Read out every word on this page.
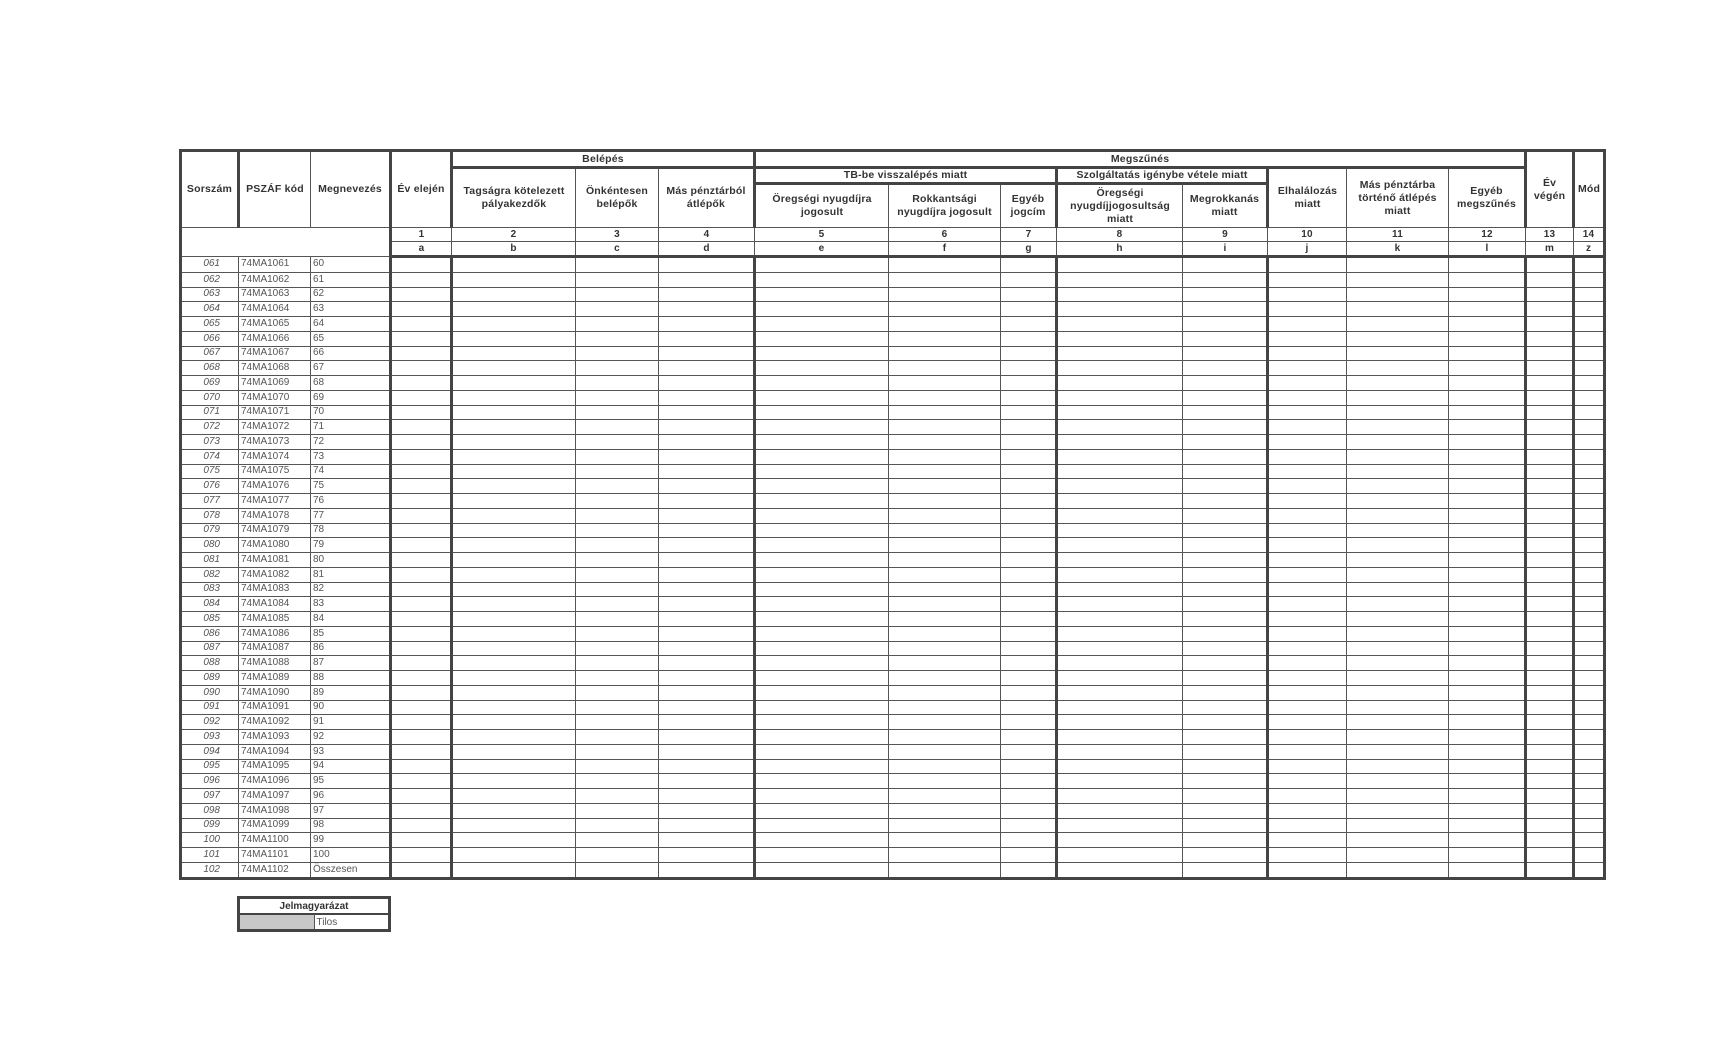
Sorszám	PSZÁF kód	Megnevezés	Év elején	Belépés			Megszűnés								Év végén	Mód
				Tagságra kötelezett pályakezdők	Önkéntesen belépők	Más pénztárból átlépők	TB-be visszalépés miatt			Szolgáltatás igénybe vétele miatt		Elhalálozás miatt	Más pénztárba történő átlépés miatt	Egyéb megszűnés		
							Öregségi nyugdíjra jogosult	Rokkantsági nyugdíjra jogosult	Egyéb jogcím	Öregségi nyugdíjjogosultság miatt	Megrokkanás miatt					
			1	2	3	4	5	6	7	8	9	10	11	12	13	14
			a	b	c	d	e	f	g	h	i	j	k	l	m	z
061	74MA1061	60														
062	74MA1062	61														
063	74MA1063	62														
064	74MA1064	63														
065	74MA1065	64														
066	74MA1066	65														
067	74MA1067	66														
068	74MA1068	67														
069	74MA1069	68														
070	74MA1070	69														
071	74MA1071	70														
072	74MA1072	71														
073	74MA1073	72														
074	74MA1074	73														
075	74MA1075	74														
076	74MA1076	75														
077	74MA1077	76														
078	74MA1078	77														
079	74MA1079	78														
080	74MA1080	79														
081	74MA1081	80														
082	74MA1082	81														
083	74MA1083	82														
084	74MA1084	83														
085	74MA1085	84														
086	74MA1086	85														
087	74MA1087	86														
088	74MA1088	87														
089	74MA1089	88														
090	74MA1090	89														
091	74MA1091	90														
092	74MA1092	91														
093	74MA1093	92														
094	74MA1094	93														
095	74MA1095	94														
096	74MA1096	95														
097	74MA1097	96														
098	74MA1098	97														
099	74MA1099	98														
100	74MA1100	99														
101	74MA1101	100														
102	74MA1102	Összesen														
Jelmagyarázat
	Tilos
